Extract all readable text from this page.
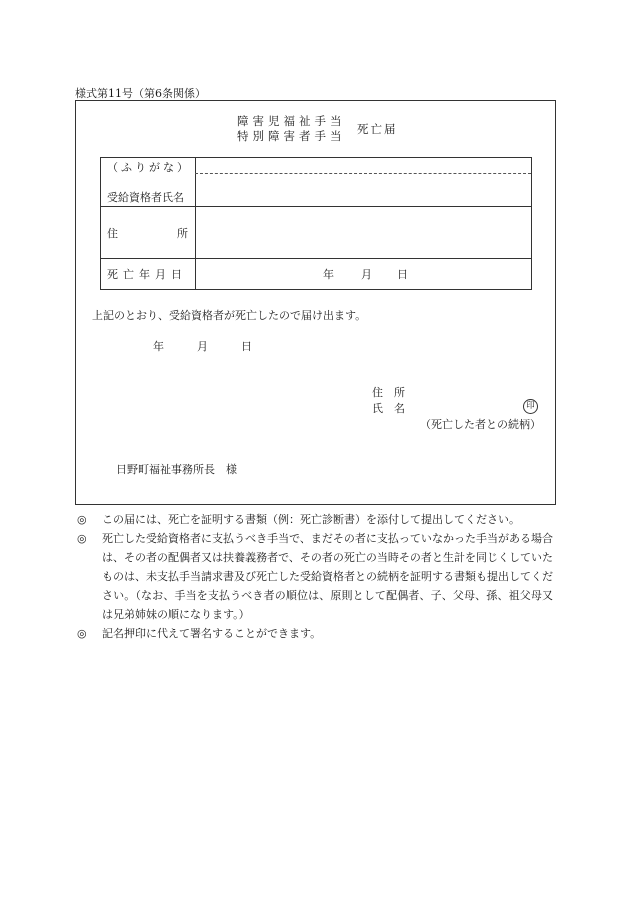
様式第11号（第6条関係）
障害児福祉手当
特別障害者手当 死亡届
（ふりがな）
受給資格者氏名
住	所
死亡年月日	年 月 日
上記のとおり、受給資格者が死亡したので届け出ます。
年	月	日
住　所
氏　名	印
（死亡した者との続柄）
日野町福祉事務所長　様
◎ この届には、死亡を証明する書類（例：死亡診断書）を添付して提出してください。
◎ 死亡した受給資格者に支払うべき手当で、まだその者に支払っていなかった手当がある場合は、その者の配偶者又は扶養義務者で、その者の死亡の当時その者と生計を同じくしていたものは、未支払手当請求書及び死亡した受給資格者との続柄を証明する書類も提出してください。（なお、手当を支払うべき者の順位は、原則として配偶者、子、父母、孫、祖父母又は兄弟姉妹の順になります。）
◎ 記名押印に代えて署名することができます。
